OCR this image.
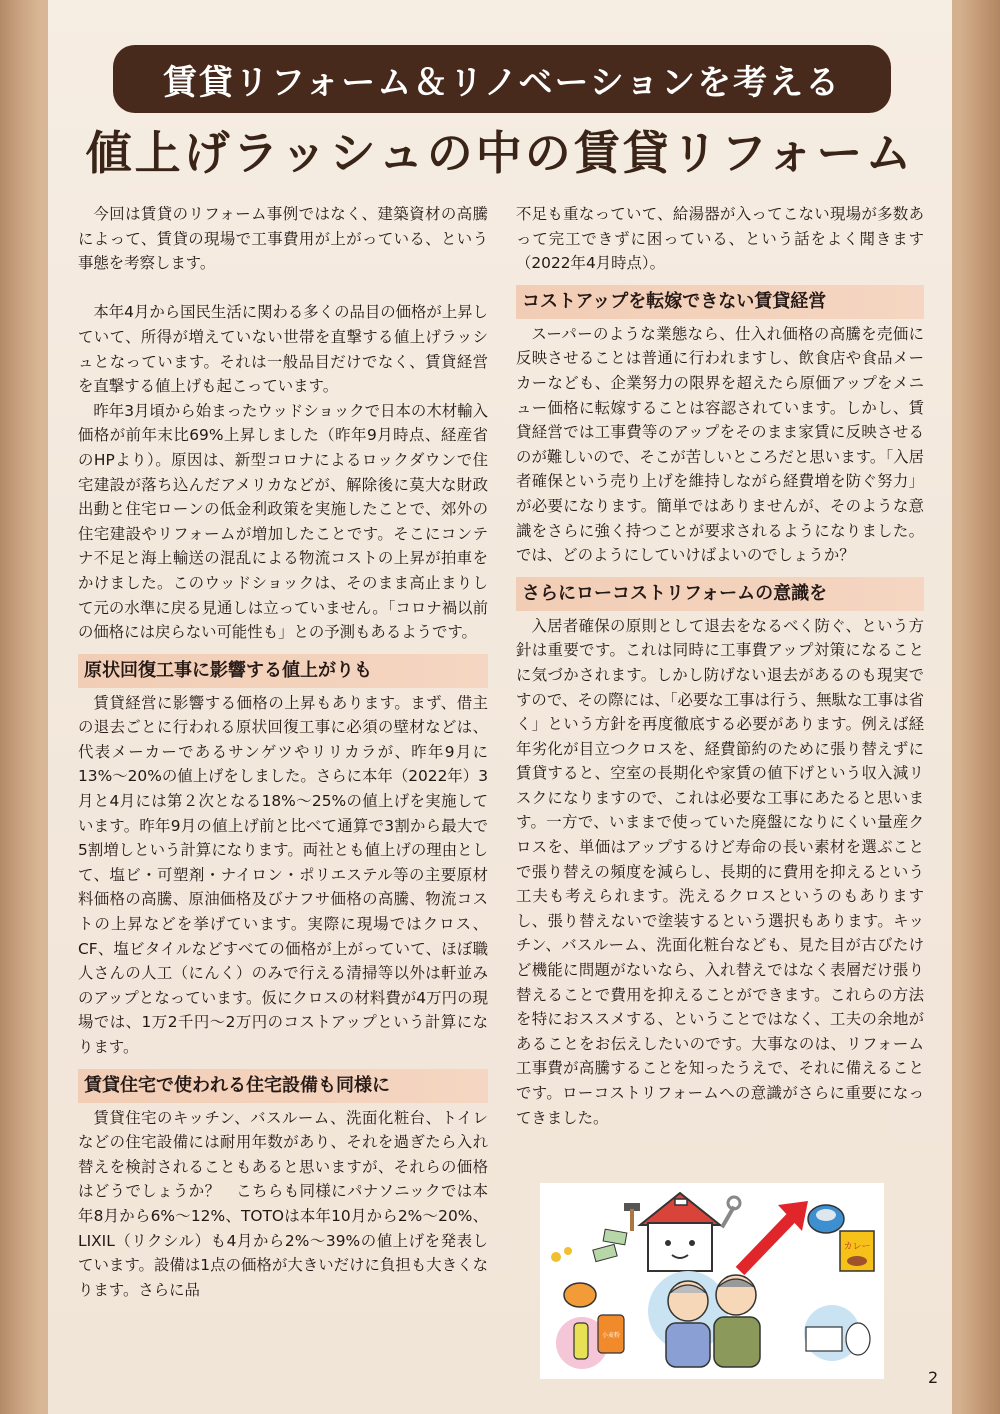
賃貸リフォーム＆リノベーションを考える
値上げラッシュの中の賃貸リフォーム

今回は賃貸のリフォーム事例ではなく、建築資材の高騰によって、賃貸の現場で工事費用が上がっている、という事態を考察します。

本年4月から国民生活に関わる多くの品目の価格が上昇していて、所得が増えていない世帯を直撃する値上げラッシュとなっています。それは一般品目だけでなく、賃貸経営を直撃する値上げも起こっています。

昨年3月頃から始まったウッドショックで日本の木材輸入価格が前年末比69%上昇しました（昨年9月時点、経産省のHPより）。原因は、新型コロナによるロックダウンで住宅建設が落ち込んだアメリカなどが、解除後に莫大な財政出動と住宅ローンの低金利政策を実施したことで、郊外の住宅建設やリフォームが増加したことです。そこにコンテナ不足と海上輸送の混乱による物流コストの上昇が拍車をかけました。このウッドショックは、そのまま高止まりして元の水準に戻る見通しは立っていません。「コロナ禍以前の価格には戻らない可能性も」との予測もあるようです。

原状回復工事に影響する値上がりも

賃貸経営に影響する価格の上昇もあります。まず、借主の退去ごとに行われる原状回復工事に必須の壁材などは、代表メーカーであるサンゲツやリリカラが、昨年9月に13%～20%の値上げをしました。さらに本年（2022年）3月と4月には第２次となる18%～25%の値上げを実施しています。昨年9月の値上げ前と比べて通算で3割から最大で5割増しという計算になります。両社とも値上げの理由として、塩ビ・可塑剤・ナイロン・ポリエステル等の主要原材料価格の高騰、原油価格及びナフサ価格の高騰、物流コストの上昇などを挙げています。実際に現場ではクロス、CF、塩ビタイルなどすべての価格が上がっていて、ほぼ職人さんの人工（にんく）のみで行える清掃等以外は軒並みのアップとなっています。仮にクロスの材料費が4万円の現場では、1万2千円～2万円のコストアップという計算になります。

賃貸住宅で使われる住宅設備も同様に

賃貸住宅のキッチン、バスルーム、洗面化粧台、トイレなどの住宅設備には耐用年数があり、それを過ぎたら入れ替えを検討されることもあると思いますが、それらの価格はどうでしょうか？　こちらも同様にパナソニックでは本年8月から6%～12%、TOTOは本年10月から2%～20%、LIXIL（リクシル）も4月から2%～39%の値上げを発表しています。設備は1点の価格が大きいだけに負担も大きくなります。さらに品

不足も重なっていて、給湯器が入ってこない現場が多数あって完工できずに困っている、という話をよく聞きます（2022年4月時点）。

コストアップを転嫁できない賃貸経営

スーパーのような業態なら、仕入れ価格の高騰を売価に反映させることは普通に行われますし、飲食店や食品メーカーなども、企業努力の限界を超えたら原価アップをメニュー価格に転嫁することは容認されています。しかし、賃貸経営では工事費等のアップをそのまま家賃に反映させるのが難しいので、そこが苦しいところだと思います。「入居者確保という売り上げを維持しながら経費増を防ぐ努力」が必要になります。簡単ではありませんが、そのような意識をさらに強く持つことが要求されるようになりました。では、どのようにしていけばよいのでしょうか？

さらにローコストリフォームの意識を

入居者確保の原則として退去をなるべく防ぐ、という方針は重要です。これは同時に工事費アップ対策になることに気づかされます。しかし防げない退去があるのも現実ですので、その際には、「必要な工事は行う、無駄な工事は省く」という方針を再度徹底する必要があります。例えば経年劣化が目立つクロスを、経費節約のために張り替えずに賃貸すると、空室の長期化や家賃の値下げという収入減リスクになりますので、これは必要な工事にあたると思います。一方で、いままで使っていた廃盤になりにくい量産クロスを、単価はアップするけど寿命の長い素材を選ぶことで張り替えの頻度を減らし、長期的に費用を抑えるという工夫も考えられます。洗えるクロスというのもありますし、張り替えないで塗装するという選択もあります。キッチン、バスルーム、洗面化粧台なども、見た目が古びたけど機能に問題がないなら、入れ替えではなく表層だけ張り替えることで費用を抑えることができます。これらの方法を特におススメする、ということではなく、工夫の余地があることをお伝えしたいのです。大事なのは、リフォーム工事費が高騰することを知ったうえで、それに備えることです。ローコストリフォームへの意識がさらに重要になってきました。

カレー
小麦粉
2
